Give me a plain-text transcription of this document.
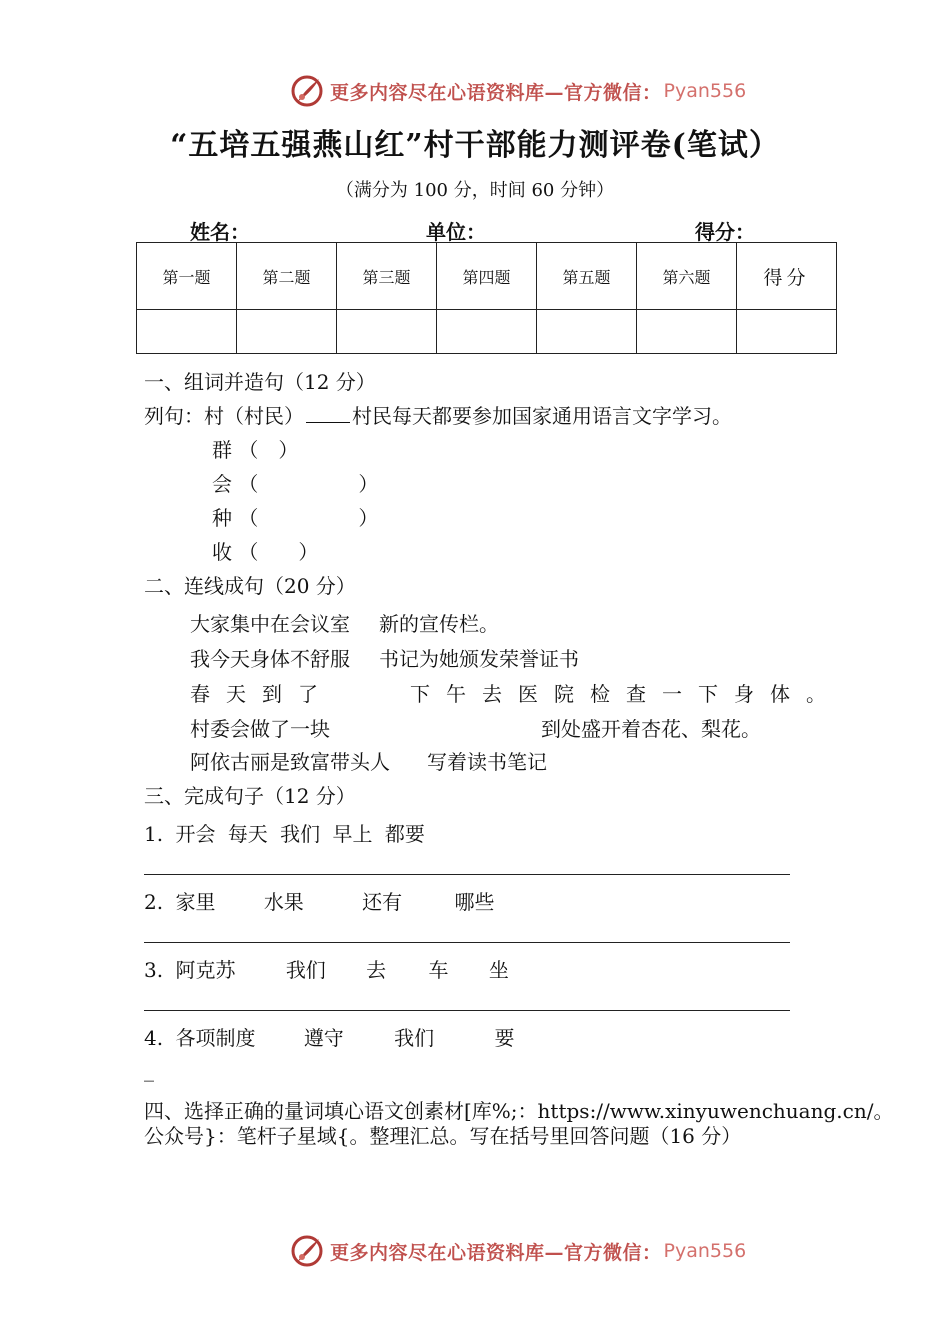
更多内容尽在心语资料库—官方微信： Pyan556
“五培五强燕山红”村干部能力测评卷(笔试）
（满分为 100 分，时间 60 分钟）
姓名：	单位：	得分：
第一题	第二题	第三题	第四题	第五题	第六题	得分

一、组词并造句（12 分）
列句：村（村民） 村民每天都要参加国家通用语言文字学习。
群 （　）
会 （　　　　　）
种 （　　　　　）
收 （　　）
二、连线成句（20 分）
大家集中在会议室 新的宣传栏。
我今天身体不舒服 书记为她颁发荣誉证书
春天到了	下午去医院检查一下身体。
村委会做了一块	到处盛开着杏花、梨花。
阿依古丽是致富带头人 写着读书笔记
三、完成句子（12 分）
1. 开会 每天 我们 早上 都要
2. 家里 水果	还有	哪些
3. 阿克苏	我们 去 车 坐
4. 各项制度 遵守	我们	要
_
四、选择正确的量词填心语文创素材[库%;：https://www.xinyuwenchuang.cn/。
公众号}：笔杆子星域{。整理汇总。写在括号里回答问题（16 分）
更多内容尽在心语资料库—官方微信： Pyan556
